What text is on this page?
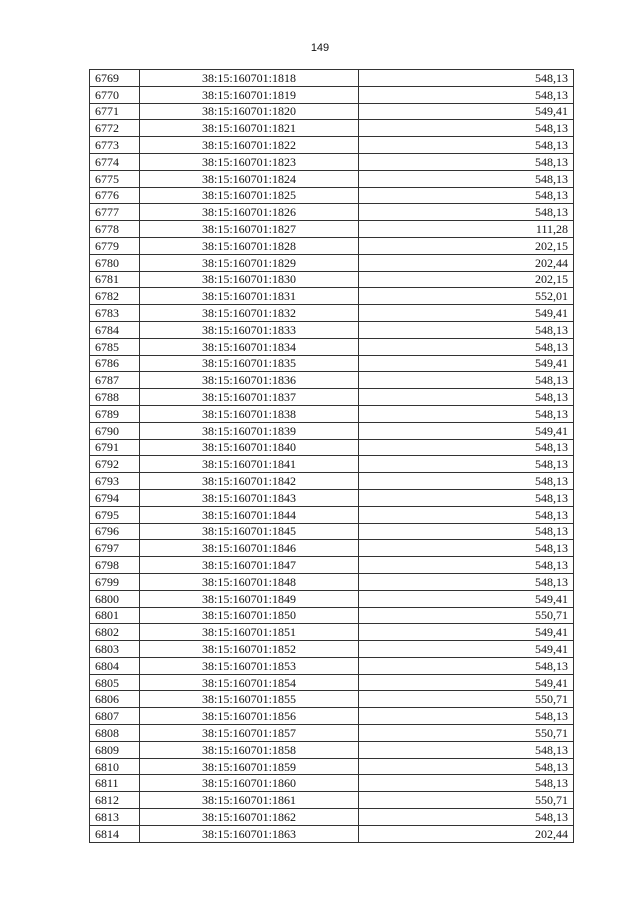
149
6769	38:15:160701:1818	548,13
6770	38:15:160701:1819	548,13
6771	38:15:160701:1820	549,41
6772	38:15:160701:1821	548,13
6773	38:15:160701:1822	548,13
6774	38:15:160701:1823	548,13
6775	38:15:160701:1824	548,13
6776	38:15:160701:1825	548,13
6777	38:15:160701:1826	548,13
6778	38:15:160701:1827	111,28
6779	38:15:160701:1828	202,15
6780	38:15:160701:1829	202,44
6781	38:15:160701:1830	202,15
6782	38:15:160701:1831	552,01
6783	38:15:160701:1832	549,41
6784	38:15:160701:1833	548,13
6785	38:15:160701:1834	548,13
6786	38:15:160701:1835	549,41
6787	38:15:160701:1836	548,13
6788	38:15:160701:1837	548,13
6789	38:15:160701:1838	548,13
6790	38:15:160701:1839	549,41
6791	38:15:160701:1840	548,13
6792	38:15:160701:1841	548,13
6793	38:15:160701:1842	548,13
6794	38:15:160701:1843	548,13
6795	38:15:160701:1844	548,13
6796	38:15:160701:1845	548,13
6797	38:15:160701:1846	548,13
6798	38:15:160701:1847	548,13
6799	38:15:160701:1848	548,13
6800	38:15:160701:1849	549,41
6801	38:15:160701:1850	550,71
6802	38:15:160701:1851	549,41
6803	38:15:160701:1852	549,41
6804	38:15:160701:1853	548,13
6805	38:15:160701:1854	549,41
6806	38:15:160701:1855	550,71
6807	38:15:160701:1856	548,13
6808	38:15:160701:1857	550,71
6809	38:15:160701:1858	548,13
6810	38:15:160701:1859	548,13
6811	38:15:160701:1860	548,13
6812	38:15:160701:1861	550,71
6813	38:15:160701:1862	548,13
6814	38:15:160701:1863	202,44
